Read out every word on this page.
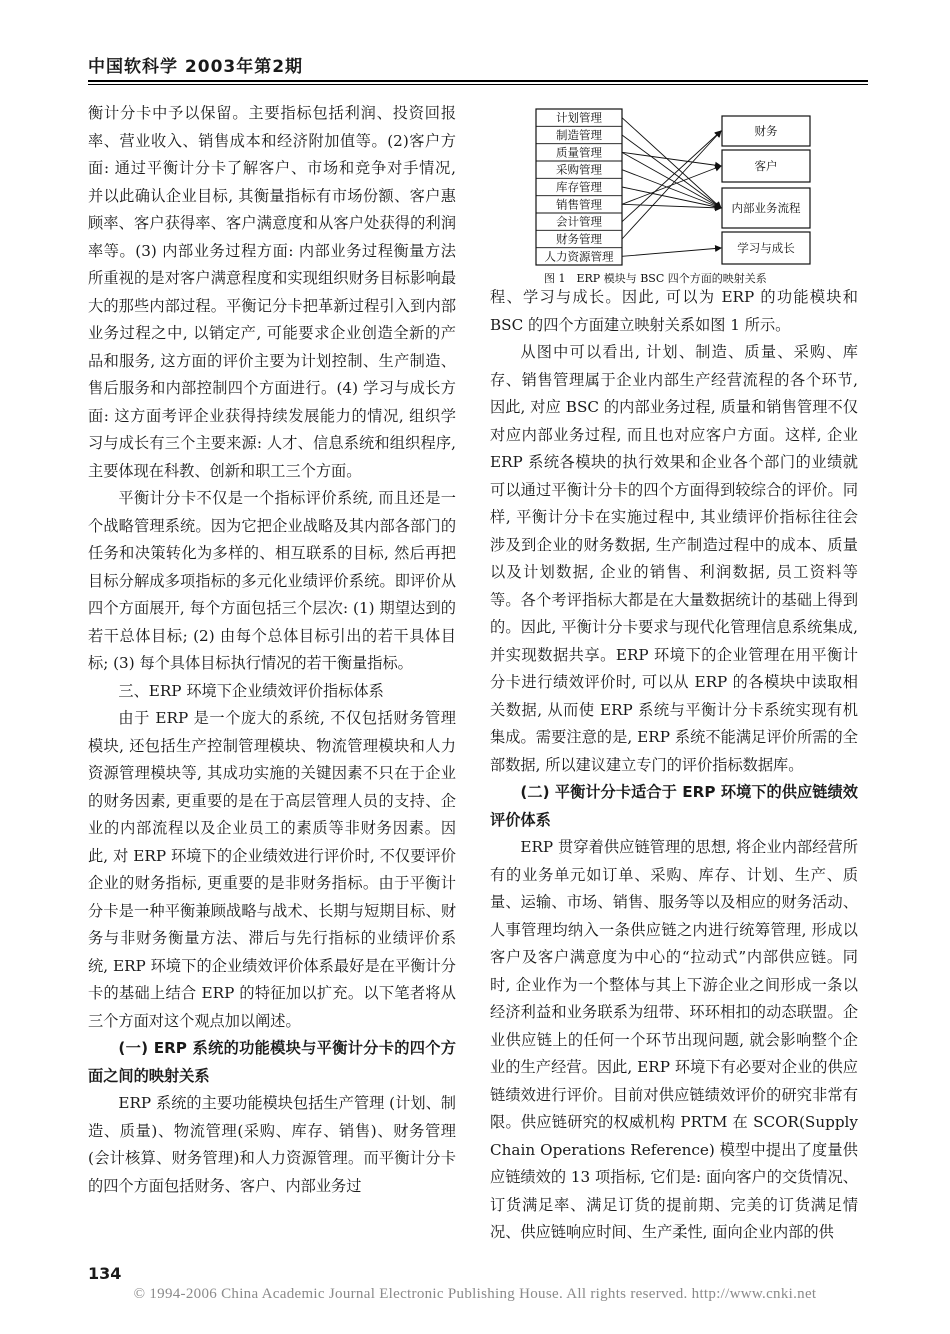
中国软科学 2003年第2期

衡计分卡中予以保留。主要指标包括利润、投资回报率、营业收入、销售成本和经济附加值等。(2)客户方面: 通过平衡计分卡了解客户、市场和竞争对手情况, 并以此确认企业目标, 其衡量指标有市场份额、客户惠顾率、客户获得率、客户满意度和从客户处获得的利润率等。(3) 内部业务过程方面: 内部业务过程衡量方法所重视的是对客户满意程度和实现组织财务目标影响最大的那些内部过程。平衡记分卡把革新过程引入到内部业务过程之中, 以销定产, 可能要求企业创造全新的产品和服务, 这方面的评价主要为计划控制、生产制造、售后服务和内部控制四个方面进行。(4) 学习与成长方面: 这方面考评企业获得持续发展能力的情况, 组织学习与成长有三个主要来源: 人才、信息系统和组织程序, 主要体现在科教、创新和职工三个方面。

平衡计分卡不仅是一个指标评价系统, 而且还是一个战略管理系统。因为它把企业战略及其内部各部门的任务和决策转化为多样的、相互联系的目标, 然后再把目标分解成多项指标的多元化业绩评价系统。即评价从四个方面展开, 每个方面包括三个层次: (1) 期望达到的若干总体目标; (2) 由每个总体目标引出的若干具体目标; (3) 每个具体目标执行情况的若干衡量指标。

三、ERP 环境下企业绩效评价指标体系

由于 ERP 是一个庞大的系统, 不仅包括财务管理模块, 还包括生产控制管理模块、物流管理模块和人力资源管理模块等, 其成功实施的关键因素不只在于企业的财务因素, 更重要的是在于高层管理人员的支持、企业的内部流程以及企业员工的素质等非财务因素。因此, 对 ERP 环境下的企业绩效进行评价时, 不仅要评价企业的财务指标, 更重要的是非财务指标。由于平衡计分卡是一种平衡兼顾战略与战术、长期与短期目标、财务与非财务衡量方法、滞后与先行指标的业绩评价系统, ERP 环境下的企业绩效评价体系最好是在平衡计分卡的基础上结合 ERP 的特征加以扩充。以下笔者将从三个方面对这个观点加以阐述。

(一) ERP 系统的功能模块与平衡计分卡的四个方面之间的映射关系

ERP 系统的主要功能模块包括生产管理 (计划、制造、质量)、物流管理(采购、库存、销售)、财务管理(会计核算、财务管理)和人力资源管理。而平衡计分卡的四个方面包括财务、客户、内部业务过

计划管理
制造管理
质量管理
采购管理
库存管理
销售管理
会计管理
财务管理
人力资源管理
财务
客户
内部业务流程
学习与成长
图 1　ERP 模块与 BSC 四个方面的映射关系

程、学习与成长。因此, 可以为 ERP 的功能模块和 BSC 的四个方面建立映射关系如图 1 所示。

从图中可以看出, 计划、制造、质量、采购、库存、销售管理属于企业内部生产经营流程的各个环节, 因此, 对应 BSC 的内部业务过程, 质量和销售管理不仅对应内部业务过程, 而且也对应客户方面。这样, 企业 ERP 系统各模块的执行效果和企业各个部门的业绩就可以通过平衡计分卡的四个方面得到较综合的评价。同样, 平衡计分卡在实施过程中, 其业绩评价指标往往会涉及到企业的财务数据, 生产制造过程中的成本、质量以及计划数据, 企业的销售、利润数据, 员工资料等等。各个考评指标大都是在大量数据统计的基础上得到的。因此, 平衡计分卡要求与现代化管理信息系统集成, 并实现数据共享。ERP 环境下的企业管理在用平衡计分卡进行绩效评价时, 可以从 ERP 的各模块中读取相关数据, 从而使 ERP 系统与平衡计分卡系统实现有机集成。需要注意的是, ERP 系统不能满足评价所需的全部数据, 所以建议建立专门的评价指标数据库。

(二) 平衡计分卡适合于 ERP 环境下的供应链绩效评价体系

ERP 贯穿着供应链管理的思想, 将企业内部经营所有的业务单元如订单、采购、库存、计划、生产、质量、运输、市场、销售、服务等以及相应的财务活动、人事管理均纳入一条供应链之内进行统筹管理, 形成以客户及客户满意度为中心的“拉动式”内部供应链。同时, 企业作为一个整体与其上下游企业之间形成一条以经济利益和业务联系为纽带、环环相扣的动态联盟。企业供应链上的任何一个环节出现问题, 就会影响整个企业的生产经营。因此, ERP 环境下有必要对企业的供应链绩效进行评价。目前对供应链绩效评价的研究非常有限。供应链研究的权威机构 PRTM 在 SCOR(Supply Chain Operations Reference) 模型中提出了度量供应链绩效的 13 项指标, 它们是: 面向客户的交货情况、订货满足率、满足订货的提前期、完美的订货满足情况、供应链响应时间、生产柔性, 面向企业内部的供

134
© 1994-2006 China Academic Journal Electronic Publishing House. All rights reserved. http://www.cnki.net
